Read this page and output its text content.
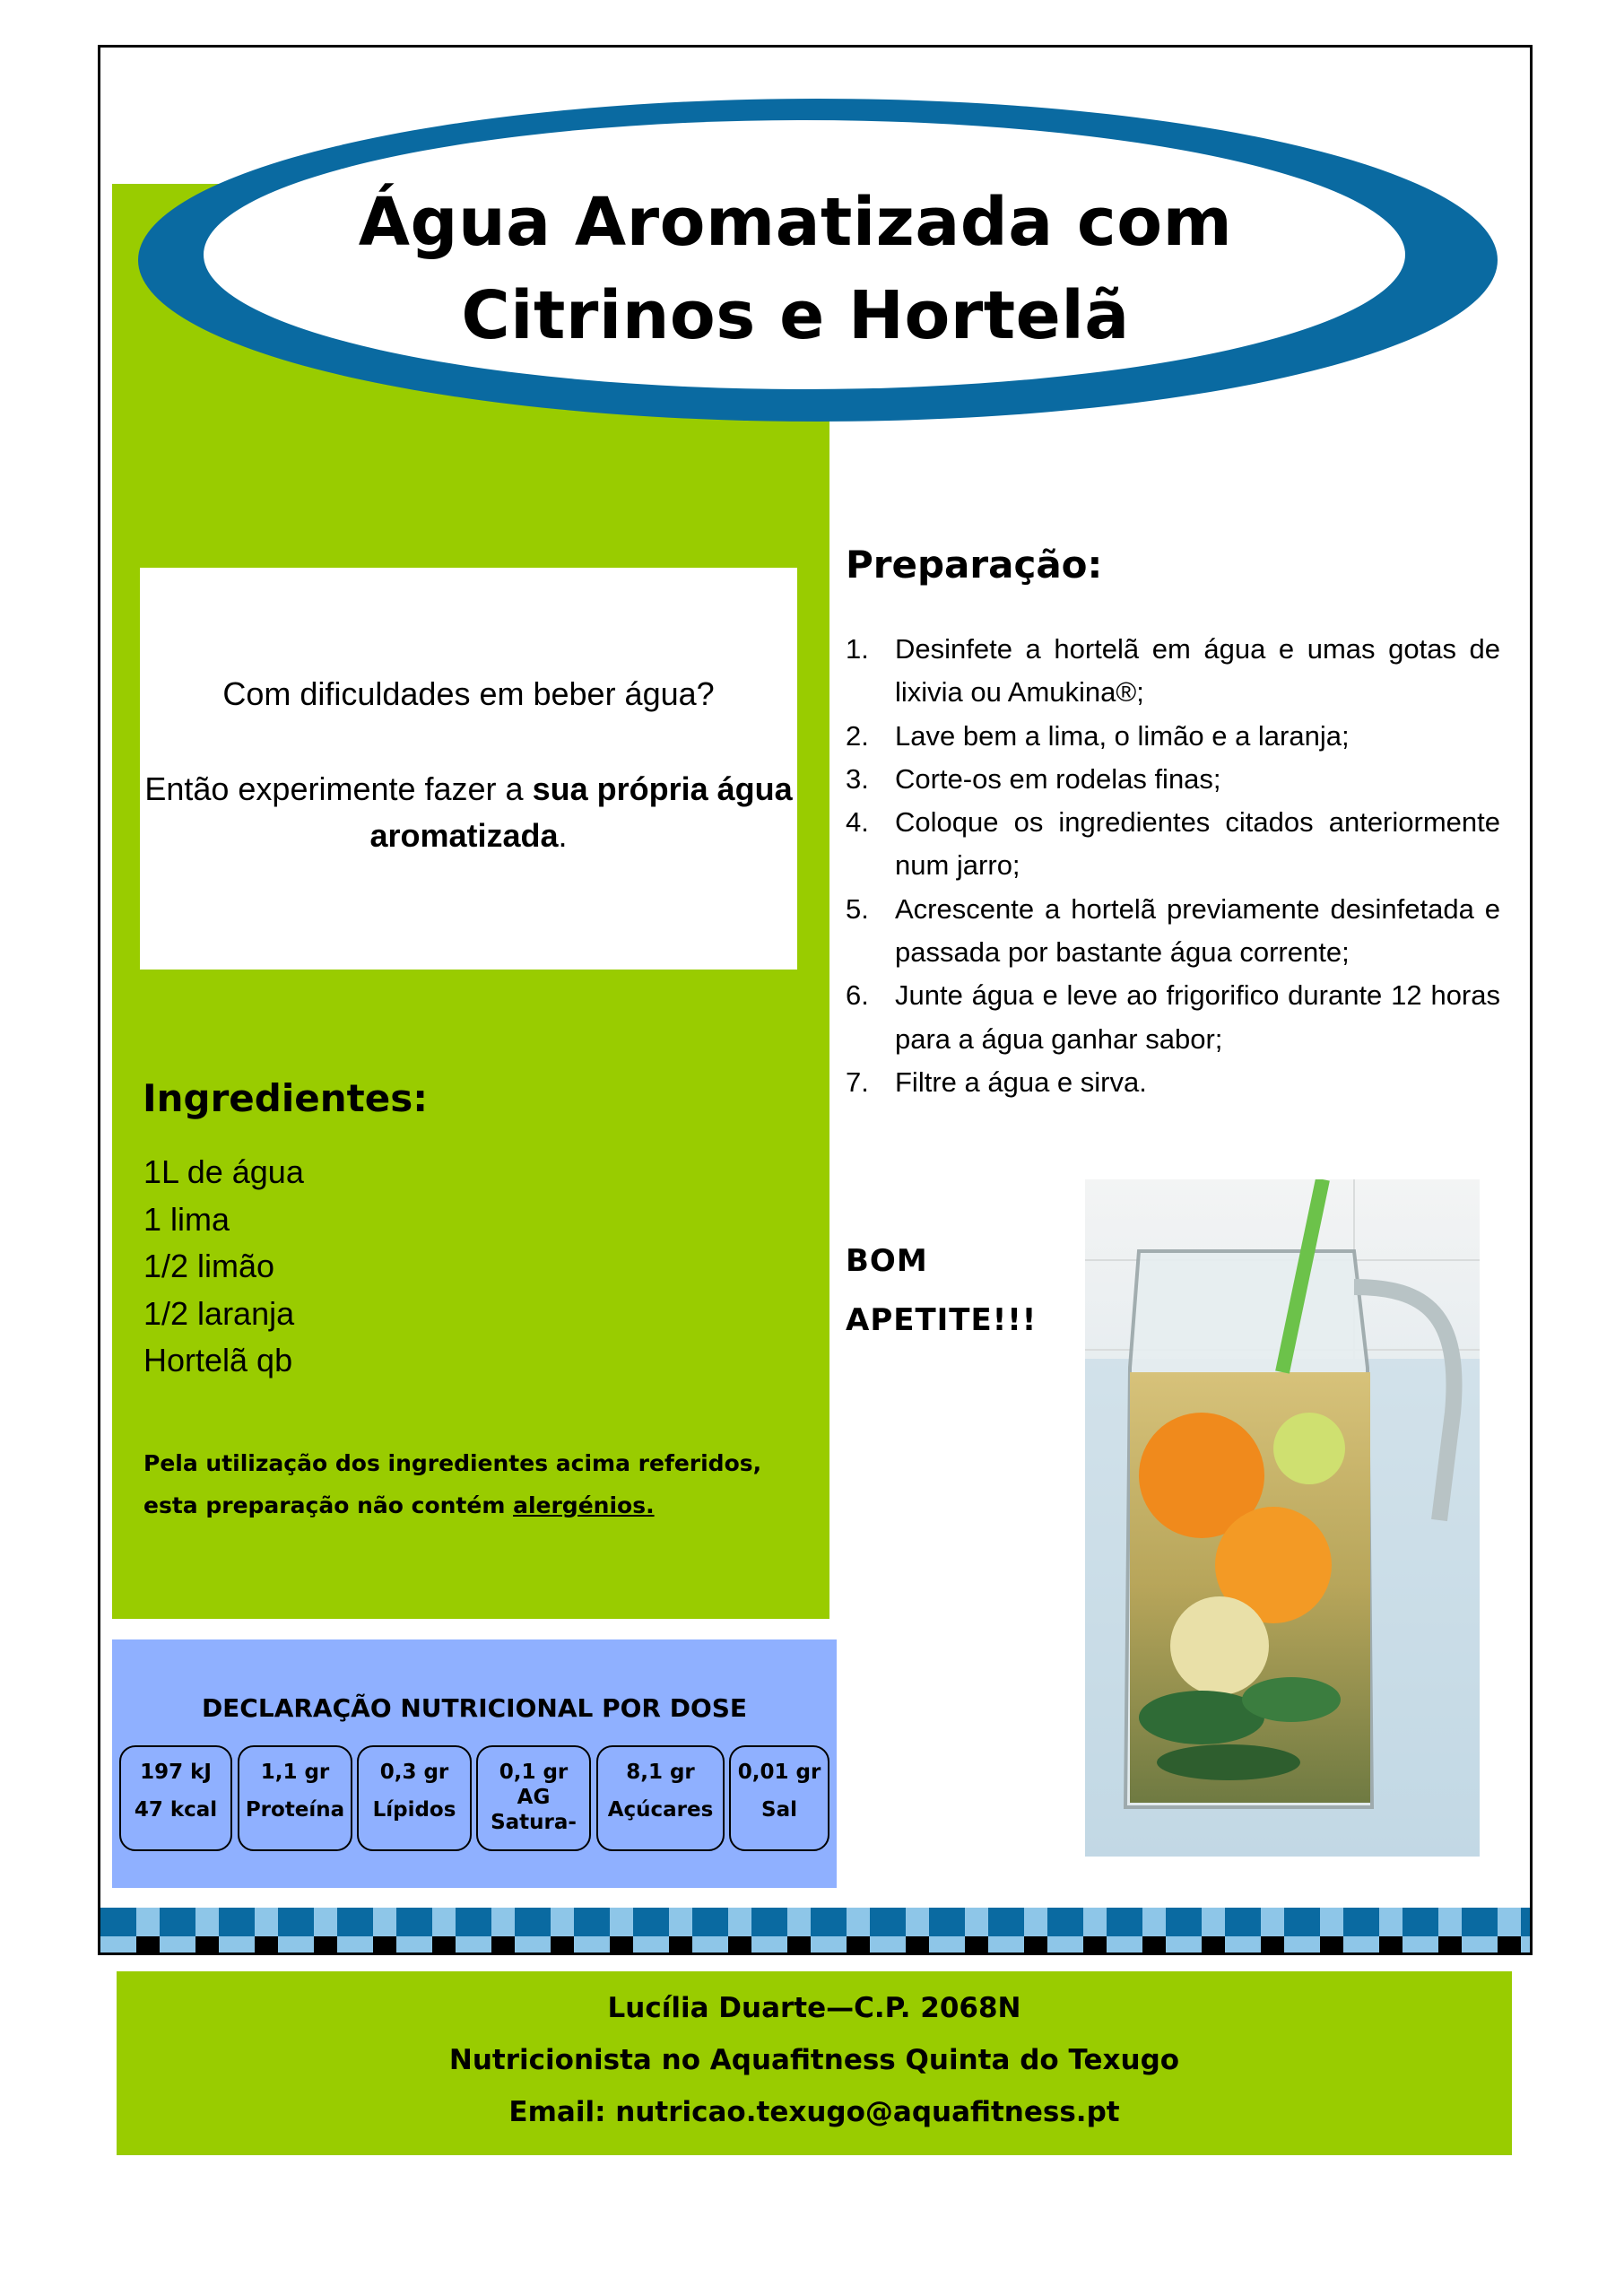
Água Aromatizada com
Citrinos e Hortelã

Com dificuldades em beber água?

Então experimente fazer a sua própria água aromatizada.

Ingredientes:
1L de água
1 lima
1/2 limão
1/2 laranja
Hortelã qb
Pela utilização dos ingredientes acima referidos, esta preparação não contém alergénios.
Preparação:
1. Desinfete a hortelã em água e umas gotas de lixivia ou Amukina®;
2. Lave bem a lima, o limão e a laranja;
3. Corte-os em rodelas finas;
4. Coloque os ingredientes citados anteriormente num jarro;
5. Acrescente a hortelã previamente desinfetada e passada por bastante água corrente;
6. Junte água e leve ao frigorifico durante 12 horas para a água ganhar sabor;
7. Filtre a água e sirva.
BOM
APETITE!!!
DECLARAÇÃO NUTRICIONAL POR DOSE
197 kJ
47 kcal
1,1 gr
Proteína
0,3 gr
Lípidos
0,1 gr
AG
Satura-
8,1 gr
Açúcares
0,01 gr
Sal
Lucília Duarte—C.P. 2068N
Nutricionista no Aquafitness Quinta do Texugo
Email: nutricao.texugo@aquafitness.pt
